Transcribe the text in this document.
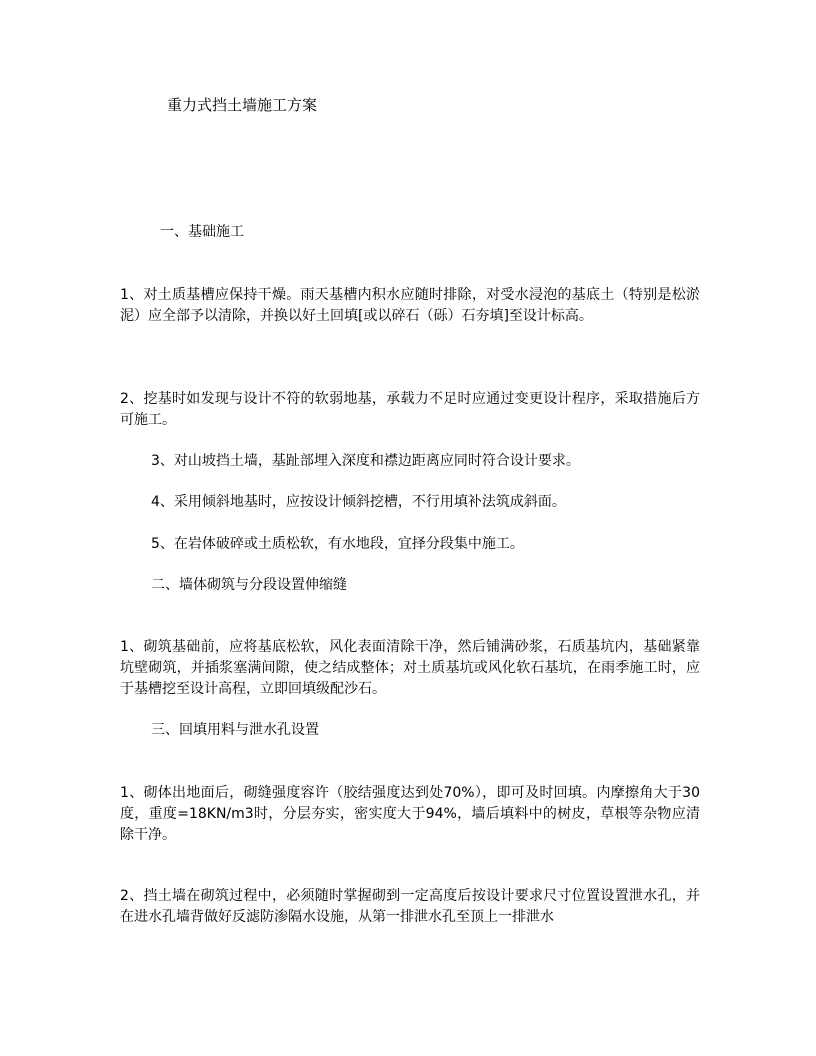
重力式挡土墙施工方案
一、基础施工
1、对土质基槽应保持干燥。雨天基槽内积水应随时排除，对受水浸泡的基底土（特别是松淤泥）应全部予以清除，并换以好土回填[或以碎石（砾）石夯填]至设计标高。
2、挖基时如发现与设计不符的软弱地基，承载力不足时应通过变更设计程序，采取措施后方可施工。
3、对山坡挡土墙，基趾部埋入深度和襟边距离应同时符合设计要求。
4、采用倾斜地基时，应按设计倾斜挖槽，不行用填补法筑成斜面。
5、在岩体破碎或土质松软，有水地段，宜择分段集中施工。
二、墙体砌筑与分段设置伸缩缝
1、砌筑基础前，应将基底松软，风化表面清除干净，然后铺满砂浆，石质基坑内，基础紧靠坑壁砌筑，并插浆塞满间隙，使之结成整体；对土质基坑或风化软石基坑，在雨季施工时，应于基槽挖至设计高程，立即回填级配沙石。
三、回填用料与泄水孔设置
1、砌体出地面后，砌缝强度容许（胶结强度达到处70%），即可及时回填。内摩擦角大于30度，重度=18KN/m3时，分层夯实，密实度大于94%，墙后填料中的树皮，草根等杂物应清除干净。
2、挡土墙在砌筑过程中，必须随时掌握砌到一定高度后按设计要求尺寸位置设置泄水孔，并在进水孔墙背做好反滤防渗隔水设施，从第一排泄水孔至顶上一排泄水
